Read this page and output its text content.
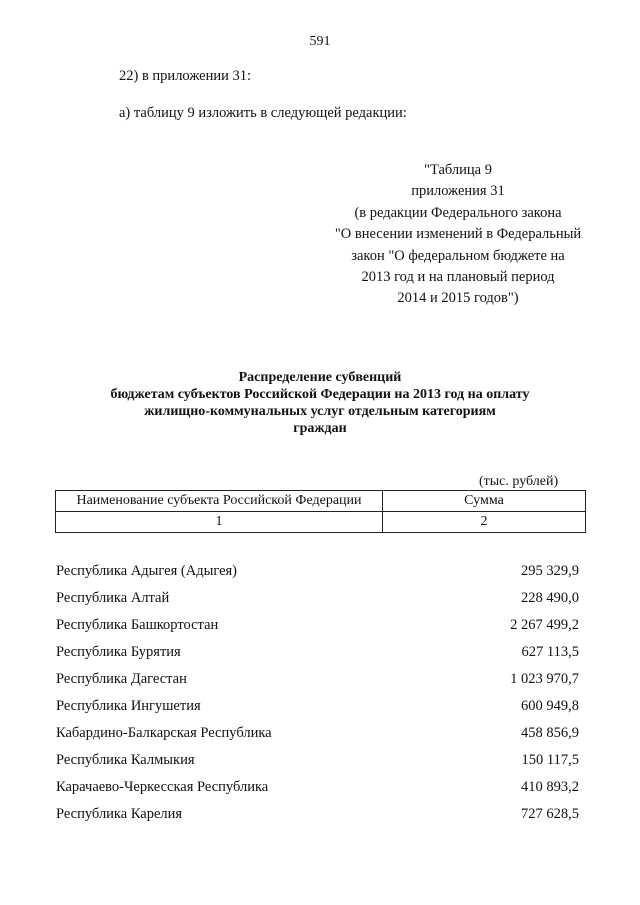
591
22) в приложении 31:
а) таблицу 9 изложить в следующей редакции:
"Таблица 9
приложения 31
(в редакции Федерального закона
"О внесении изменений в Федеральный
закон "О федеральном бюджете на
2013 год и на плановый период
2014 и 2015 годов")
Распределение субвенций
бюджетам субъектов Российской Федерации на 2013 год на оплату
жилищно-коммунальных услуг отдельным категориям
граждан
(тыс. рублей)
Наименование субъекта Российской Федерации	Сумма
1	2
Республика Адыгея (Адыгея)	295 329,9
Республика Алтай	228 490,0
Республика Башкортостан	2 267 499,2
Республика Бурятия	627 113,5
Республика Дагестан	1 023 970,7
Республика Ингушетия	600 949,8
Кабардино-Балкарская Республика	458 856,9
Республика Калмыкия	150 117,5
Карачаево-Черкесская Республика	410 893,2
Республика Карелия	727 628,5
